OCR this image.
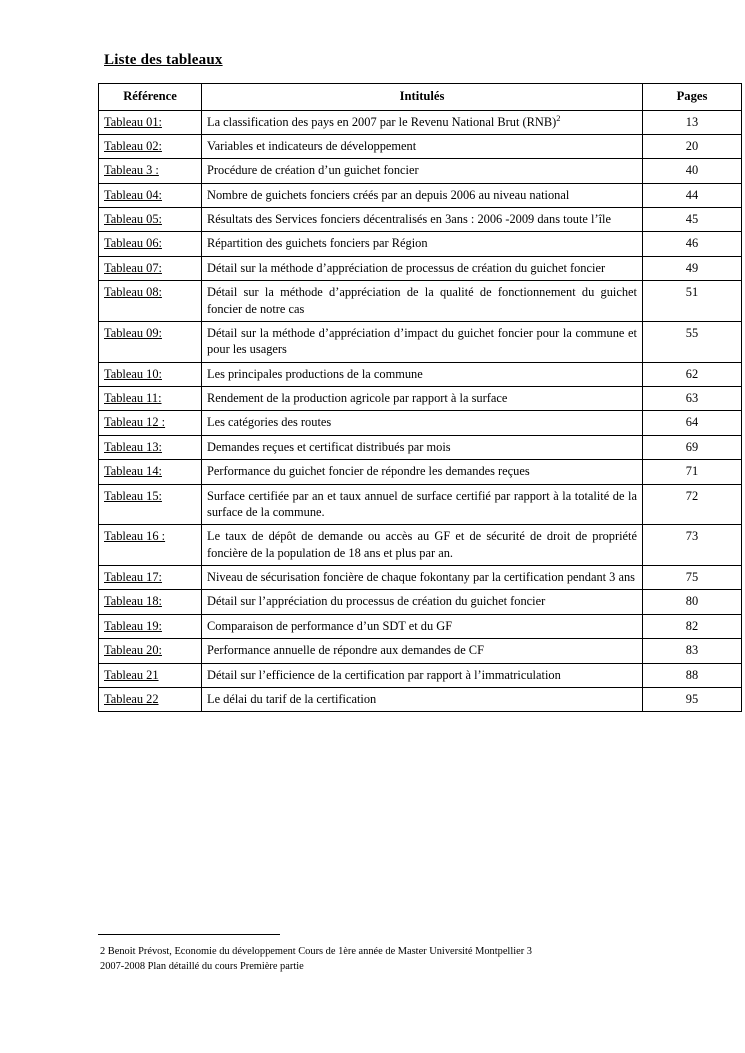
Liste des tableaux
Référence	Intitulés	Pages
Tableau 01:	La classification des pays en 2007 par le Revenu National Brut (RNB)$^2$	13
Tableau 02:	Variables et indicateurs de développement	20
Tableau 3 :	Procédure de création d’un guichet foncier	40
Tableau 04:	Nombre de guichets fonciers créés par an depuis 2006 au niveau national	44
Tableau 05:	Résultats des Services fonciers décentralisés en 3ans : 2006 -2009 dans toute l’île	45
Tableau 06:	Répartition des guichets fonciers par Région	46
Tableau 07:	Détail sur la méthode d’appréciation de processus de création du guichet foncier	49
Tableau 08:	Détail sur la méthode d’appréciation de la qualité de fonctionnement du guichet foncier de notre cas	51
Tableau 09:	Détail sur la méthode d’appréciation d’impact du guichet foncier pour la commune et pour les usagers	55
Tableau 10:	Les principales productions de la commune	62
Tableau 11:	Rendement de la production agricole par rapport à la surface	63
Tableau 12 :	Les catégories des routes	64
Tableau 13:	Demandes reçues et certificat distribués par mois	69
Tableau 14:	Performance du guichet foncier de répondre les demandes reçues	71
Tableau 15:	Surface certifiée par an et taux annuel de surface certifié par rapport à la totalité de la surface de la commune.	72
Tableau 16 :	Le taux de dépôt de demande ou accès au GF et de sécurité de droit de propriété foncière de la population de 18 ans et plus par an.	73
Tableau 17:	Niveau de sécurisation foncière de chaque fokontany par la certification pendant 3 ans	75
Tableau 18:	Détail sur l’appréciation du processus de création du guichet foncier	80
Tableau 19:	Comparaison de performance d’un SDT et du GF	82
Tableau 20:	Performance annuelle de répondre aux demandes de CF	83
Tableau 21	Détail sur l’efficience de la certification par rapport à l’immatriculation	88
Tableau 22	Le délai du tarif de la certification	95
2 Benoit Prévost, Economie du développement Cours de 1ère année de Master Université Montpellier 3
2007-2008 Plan détaillé du cours Première partie
